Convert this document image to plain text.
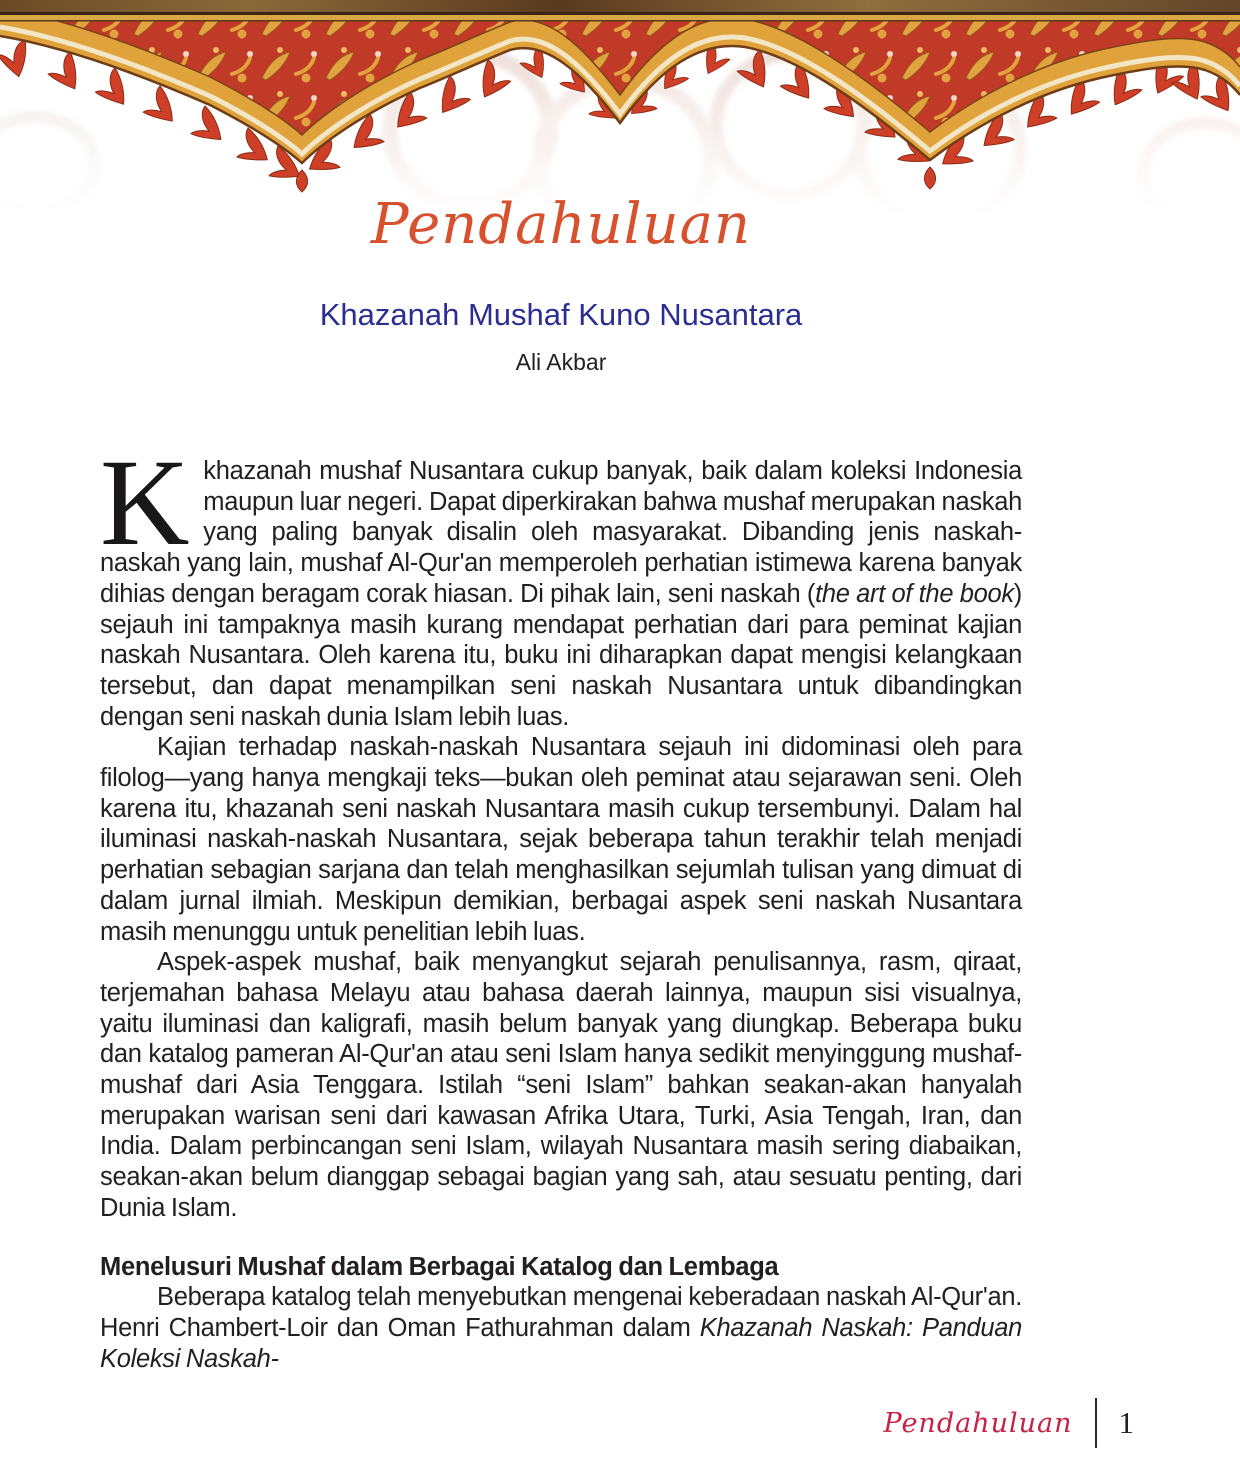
Pendahuluan
Khazanah Mushaf Kuno Nusantara
Ali Akbar

K khazanah mushaf Nusantara cukup banyak, baik dalam koleksi Indonesia maupun luar negeri. Dapat diperkirakan bahwa mushaf merupakan naskah yang paling banyak disalin oleh masyarakat. Dibanding jenis naskah-naskah yang lain, mushaf Al-Qur'an memperoleh perhatian istimewa karena banyak dihias dengan beragam corak hiasan. Di pihak lain, seni naskah (the art of the book) sejauh ini tampaknya masih kurang mendapat perhatian dari para peminat kajian naskah Nusantara. Oleh karena itu, buku ini diharapkan dapat mengisi kelangkaan tersebut, dan dapat menampilkan seni naskah Nusantara untuk dibandingkan dengan seni naskah dunia Islam lebih luas.

Kajian terhadap naskah-naskah Nusantara sejauh ini didominasi oleh para filolog—yang hanya mengkaji teks—bukan oleh peminat atau sejarawan seni. Oleh karena itu, khazanah seni naskah Nusantara masih cukup tersembunyi. Dalam hal iluminasi naskah-naskah Nusantara, sejak beberapa tahun terakhir telah menjadi perhatian sebagian sarjana dan telah menghasilkan sejumlah tulisan yang dimuat di dalam jurnal ilmiah. Meskipun demikian, berbagai aspek seni naskah Nusantara masih menunggu untuk penelitian lebih luas.

Aspek-aspek mushaf, baik menyangkut sejarah penulisannya, rasm, qiraat, terjemahan bahasa Melayu atau bahasa daerah lainnya, maupun sisi visualnya, yaitu iluminasi dan kaligrafi, masih belum banyak yang diungkap. Beberapa buku dan katalog pameran Al-Qur'an atau seni Islam hanya sedikit menyinggung mushaf-mushaf dari Asia Tenggara. Istilah “seni Islam” bahkan seakan-akan hanyalah merupakan warisan seni dari kawasan Afrika Utara, Turki, Asia Tengah, Iran, dan India. Dalam perbincangan seni Islam, wilayah Nusantara masih sering diabaikan, seakan-akan belum dianggap sebagai bagian yang sah, atau sesuatu penting, dari Dunia Islam.

Menelusuri Mushaf dalam Berbagai Katalog dan Lembaga

Beberapa katalog telah menyebutkan mengenai keberadaan naskah Al-Qur'an. Henri Chambert-Loir dan Oman Fathurahman dalam Khazanah Naskah: Panduan Koleksi Naskah-

Pendahuluan 1
